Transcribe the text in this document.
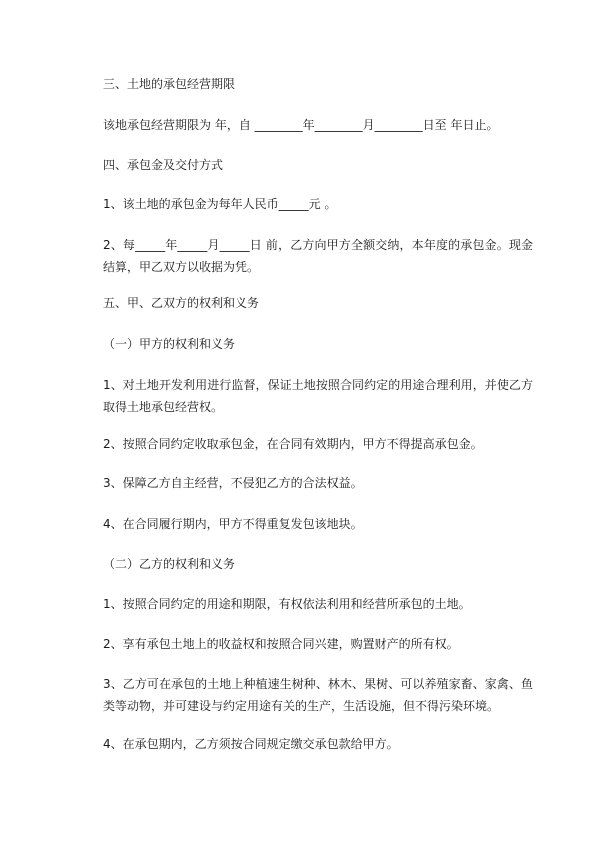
三、土地的承包经营期限

该地承包经营期限为 年，自 ________年________月________日至 年日止。

四、承包金及交付方式

1、该土地的承包金为每年人民币_____元 。

2、每_____年_____月_____日 前，乙方向甲方全额交纳，本年度的承包金。现金结算，甲乙双方以收据为凭。

五、甲、乙双方的权利和义务

（一）甲方的权利和义务

1、对土地开发利用进行监督，保证土地按照合同约定的用途合理利用，并使乙方取得土地承包经营权。

2、按照合同约定收取承包金，在合同有效期内，甲方不得提高承包金。

3、保障乙方自主经营，不侵犯乙方的合法权益。

4、在合同履行期内，甲方不得重复发包该地块。

（二）乙方的权利和义务

1、按照合同约定的用途和期限，有权依法利用和经营所承包的土地。

2、享有承包土地上的收益权和按照合同兴建，购置财产的所有权。

3、乙方可在承包的土地上种植速生树种、林木、果树、可以养殖家畜、家禽、鱼类等动物，并可建设与约定用途有关的生产，生活设施，但不得污染环境。

4、在承包期内，乙方须按合同规定缴交承包款给甲方。
